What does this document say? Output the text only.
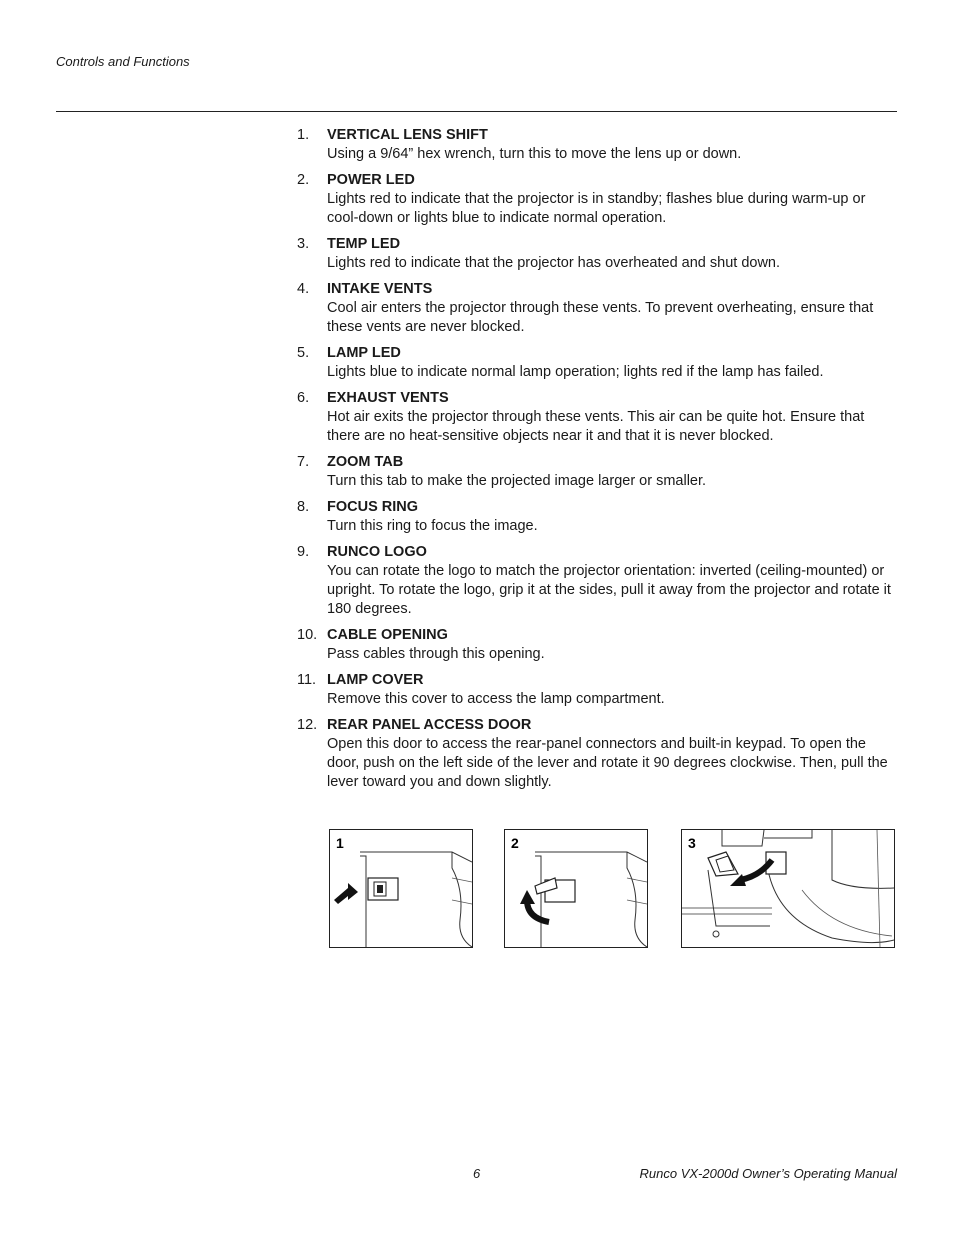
Controls and Functions
1. VERTICAL LENS SHIFT
Using a 9/64” hex wrench, turn this to move the lens up or down.
2. POWER LED
Lights red to indicate that the projector is in standby; flashes blue during warm-up or cool-down or lights blue to indicate normal operation.
3. TEMP LED
Lights red to indicate that the projector has overheated and shut down.
4. INTAKE VENTS
Cool air enters the projector through these vents. To prevent overheating, ensure that these vents are never blocked.
5. LAMP LED
Lights blue to indicate normal lamp operation; lights red if the lamp has failed.
6. EXHAUST VENTS
Hot air exits the projector through these vents. This air can be quite hot. Ensure that there are no heat-sensitive objects near it and that it is never blocked.
7. ZOOM TAB
Turn this tab to make the projected image larger or smaller.
8. FOCUS RING
Turn this ring to focus the image.
9. RUNCO LOGO
You can rotate the logo to match the projector orientation: inverted (ceiling-mounted) or upright. To rotate the logo, grip it at the sides, pull it away from the projector and rotate it 180 degrees.
10. CABLE OPENING
Pass cables through this opening.
11. LAMP COVER
Remove this cover to access the lamp compartment.
12. REAR PANEL ACCESS DOOR
Open this door to access the rear-panel connectors and built-in keypad. To open the door, push on the left side of the lever and rotate it 90 degrees clockwise. Then, pull the lever toward you and down slightly.
1	2	3
6	Runco VX-2000d Owner’s Operating Manual
